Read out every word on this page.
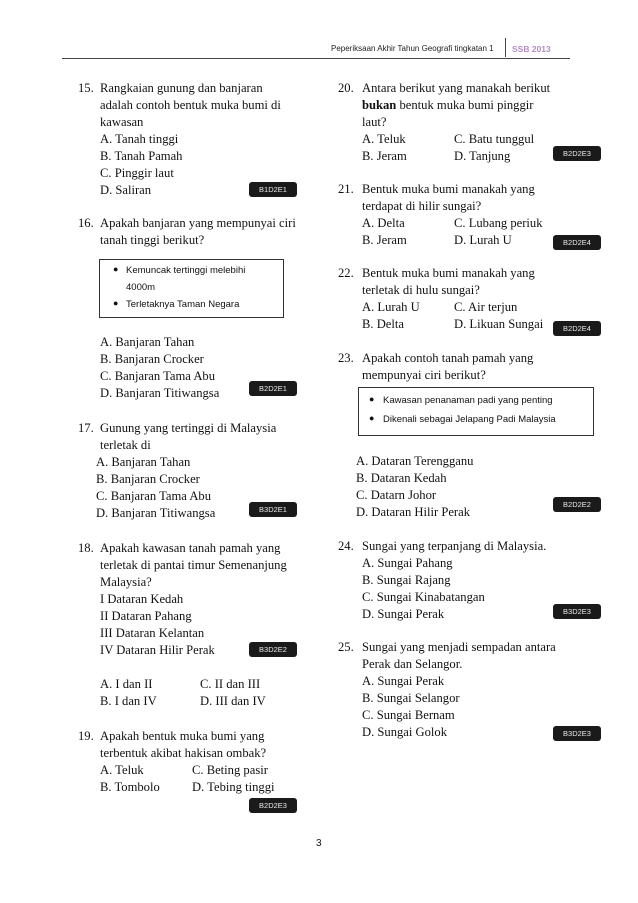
Peperiksaan Akhir Tahun Geografi tingkatan 1 SSB 2013
15. Rangkaian gunung dan banjaran
adalah contoh bentuk muka bumi di
kawasan
A. Tanah tinggi
B. Tanah Pamah
C. Pinggir laut
D. Saliran	B1D2E1
16. Apakah banjaran yang mempunyai ciri
tanah tinggi berikut?
● Kemuncak tertinggi melebihi
4000m
● Terletaknya Taman Negara
A. Banjaran Tahan
B. Banjaran Crocker
C. Banjaran Tama Abu
D. Banjaran Titiwangsa	B2D2E1
17. Gunung yang tertinggi di Malaysia
terletak di
A. Banjaran Tahan
B. Banjaran Crocker
C. Banjaran Tama Abu
D. Banjaran Titiwangsa	B3D2E1
18. Apakah kawasan tanah pamah yang
terletak di pantai timur Semenanjung
Malaysia?
I Dataran Kedah
II Dataran Pahang
III Dataran Kelantan
IV Dataran Hilir Perak	B3D2E2
A. I dan II	C. II dan III
B. I dan IV	D. III dan IV
19. Apakah bentuk muka bumi yang
terbentuk akibat hakisan ombak?
A. Teluk	C. Beting pasir
B. Tombolo	D. Tebing tinggi
B2D2E3
20. Antara berikut yang manakah berikut
bukan bentuk muka bumi pinggir
laut?
A. Teluk	C. Batu tunggul
B. Jeram	D. Tanjung	B2D2E3
21. Bentuk muka bumi manakah yang
terdapat di hilir sungai?
A. Delta	C. Lubang periuk
B. Jeram	D. Lurah U	B2D2E4
22. Bentuk muka bumi manakah yang
terletak di hulu sungai?
A. Lurah U	C. Air terjun
B. Delta	D. Likuan Sungai	B2D2E4
23. Apakah contoh tanah pamah yang
mempunyai ciri berikut?
● Kawasan penanaman padi yang penting
● Dikenali sebagai Jelapang Padi Malaysia
A. Dataran Terengganu
B. Dataran Kedah
C. Datarn Johor
D. Dataran Hilir Perak
B2D2E2
24. Sungai yang terpanjang di Malaysia.
A. Sungai Pahang
B. Sungai Rajang
C. Sungai Kinabatangan
D. Sungai Perak	B3D2E3
25. Sungai yang menjadi sempadan antara
Perak dan Selangor.
A. Sungai Perak
B. Sungai Selangor
C. Sungai Bernam
D. Sungai Golok	B3D2E3
3
